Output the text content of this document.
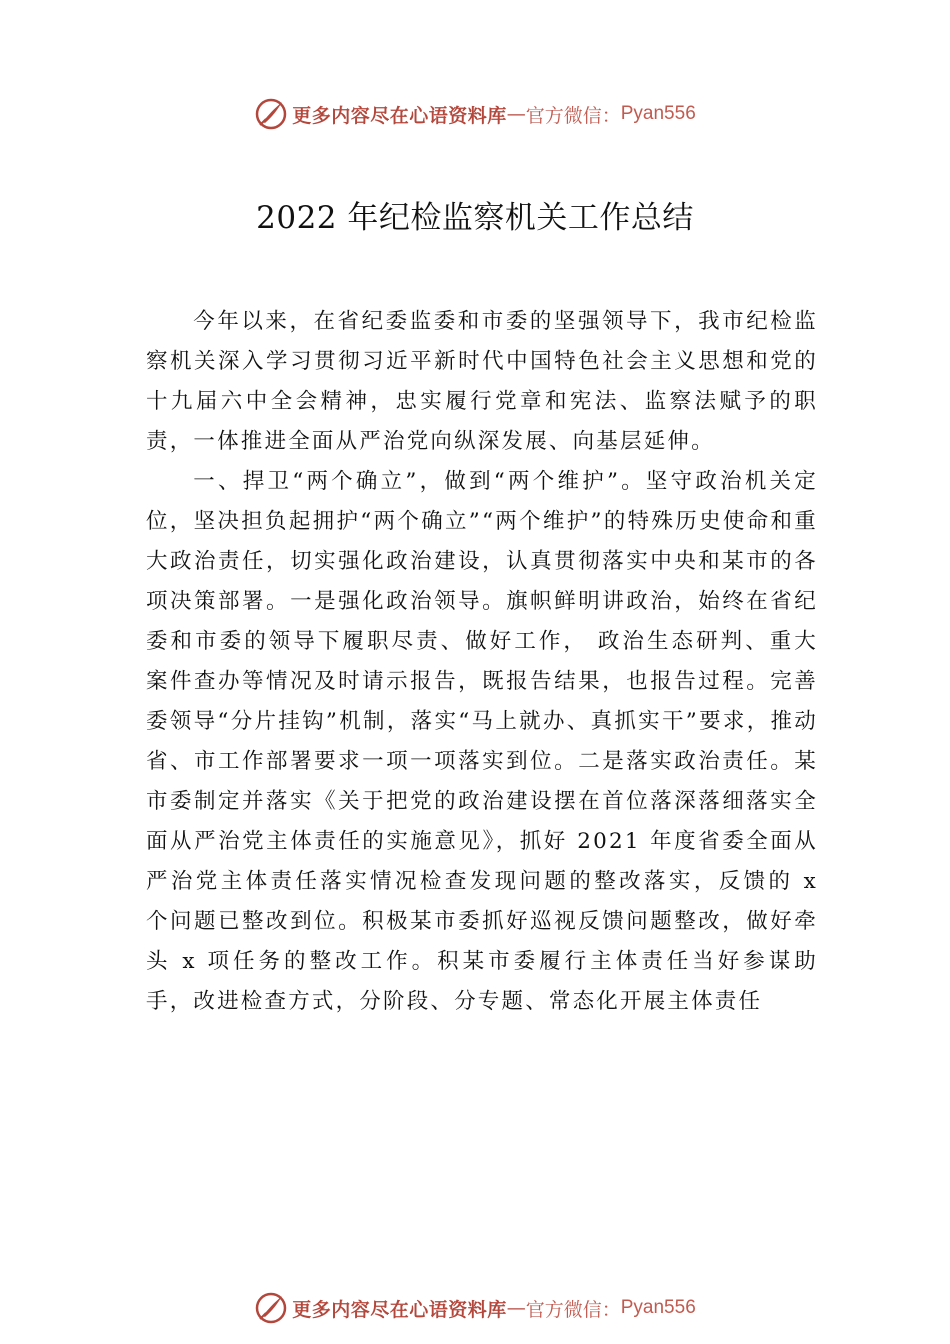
更多内容尽在心语资料库 — 官方微信： Pyan556
2022 年纪检监察机关工作总结

今年以来，在省纪委监委和市委的坚强领导下，我市纪检监察机关深入学习贯彻习近平新时代中国特色社会主义思想和党的十九届六中全会精神，忠实履行党章和宪法、监察法赋予的职责，一体推进全面从严治党向纵深发展、向基层延伸。

一、捍卫“两个确立”，做到“两个维护”。坚守政治机关定位，坚决担负起拥护“两个确立”“两个维护”的特殊历史使命和重大政治责任，切实强化政治建设，认真贯彻落实中央和某市的各项决策部署。一是强化政治领导。旗帜鲜明讲政治，始终在省纪委和市委的领导下履职尽责、做好工作， 政治生态研判、重大案件查办等情况及时请示报告，既报告结果，也报告过程。完善委领导“分片挂钩”机制，落实“马上就办、真抓实干”要求，推动省、市工作部署要求一项一项落实到位。二是落实政治责任。某市委制定并落实《关于把党的政治建设摆在首位落深落细落实全面从严治党主体责任的实施意见》，抓好 2021 年度省委全面从严治党主体责任落实情况检查发现问题的整改落实，反馈的 x 个问题已整改到位。积极某市委抓好巡视反馈问题整改，做好牵头 x 项任务的整改工作。积某市委履行主体责任当好参谋助手，改进检查方式，分阶段、分专题、常态化开展主体责任

更多内容尽在心语资料库 — 官方微信： Pyan556
